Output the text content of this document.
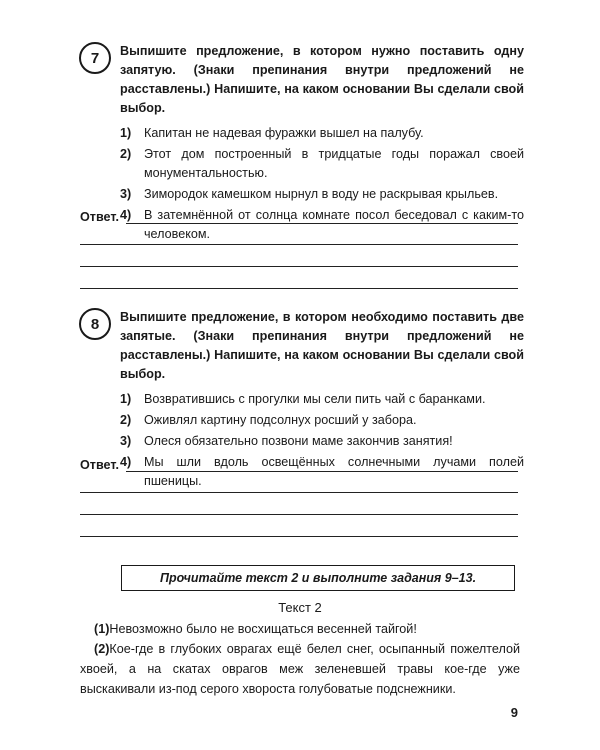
7	Выпишите предложение, в котором нужно поставить одну запятую. (Знаки препинания внутри предложений не расставлены.) Напишите, на каком основании Вы сделали свой выбор.
1)	Капитан не надевая фуражки вышел на палубу.
2)	Этот дом построенный в тридцатые годы поражал своей монументальностью.
3)	Зимородок камешком нырнул в воду не раскрывая крыльев.
4)	В затемнённой от солнца комнате посол беседовал с каким-то человеком.
Ответ.
8	Выпишите предложение, в котором необходимо поставить две запятые. (Знаки препинания внутри предложений не расставлены.) Напишите, на каком основании Вы сделали свой выбор.
1)	Возвратившись с прогулки мы сели пить чай с баранками.
2)	Оживлял картину подсолнух росший у забора.
3)	Олеся обязательно позвони маме закончив занятия!
4)	Мы шли вдоль освещённых солнечными лучами полей пшеницы.
Ответ.
Прочитайте текст 2 и выполните задания 9–13.
Текст 2

(1)Невозможно было не восхищаться весенней тайгой!

(2)Кое-где в глубоких оврагах ещё белел снег, осыпанный пожелтелой хвоей, а на скатах оврагов меж зеленевшей травы кое-где уже выскакивали из-под серого хворостa голубоватые подснежники.

9
